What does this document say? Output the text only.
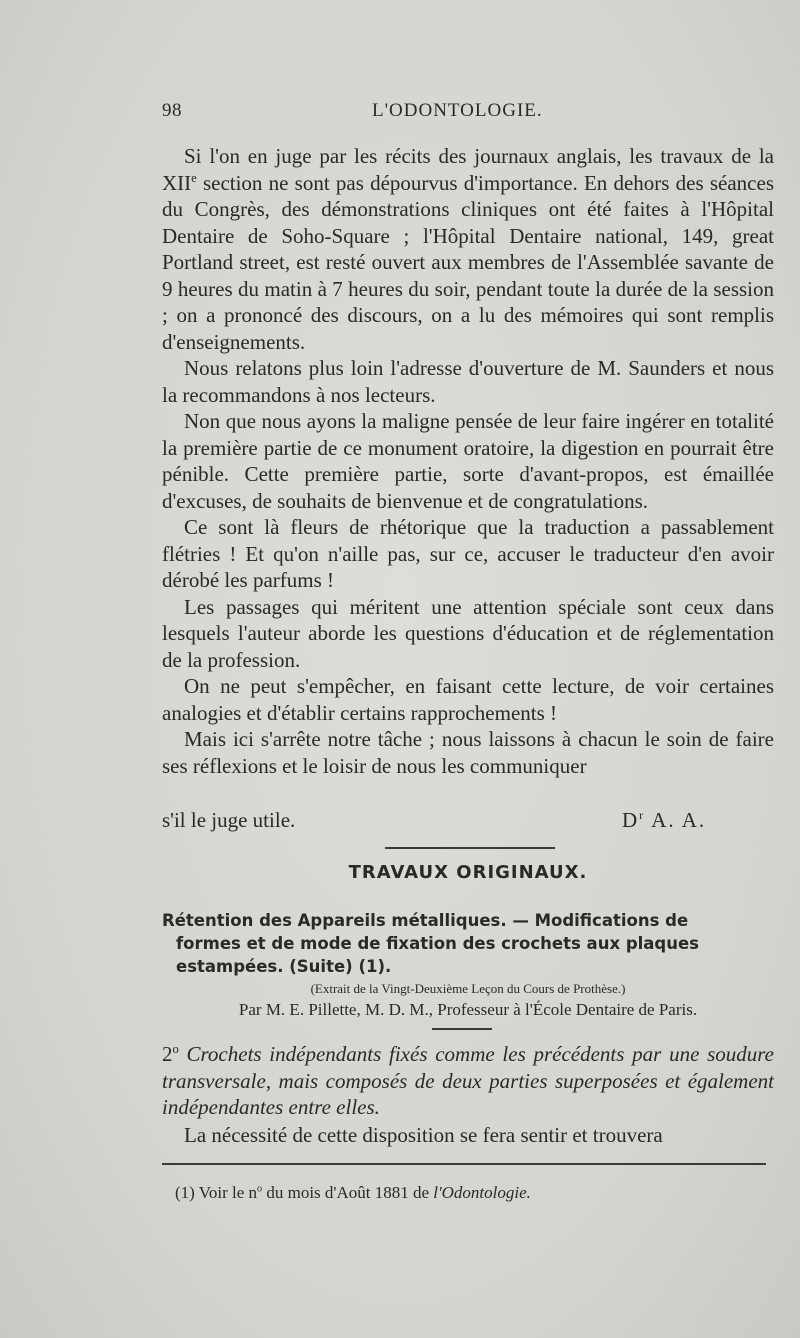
98	L'ODONTOLOGIE.

Si l'on en juge par les récits des journaux anglais, les travaux de la XIIe section ne sont pas dépourvus d'importance. En dehors des séances du Congrès, des démonstrations cliniques ont été faites à l'Hôpital Dentaire de Soho-Square ; l'Hôpital Dentaire national, 149, great Portland street, est resté ouvert aux membres de l'Assemblée savante de 9 heures du matin à 7 heures du soir, pendant toute la durée de la session ; on a prononcé des discours, on a lu des mémoires qui sont remplis d'enseignements.

Nous relatons plus loin l'adresse d'ouverture de M. Saunders et nous la recommandons à nos lecteurs.

Non que nous ayons la maligne pensée de leur faire ingérer en totalité la première partie de ce monument oratoire, la digestion en pourrait être pénible. Cette première partie, sorte d'avant-propos, est émaillée d'excuses, de souhaits de bienvenue et de congratulations.

Ce sont là fleurs de rhétorique que la traduction a passablement flétries ! Et qu'on n'aille pas, sur ce, accuser le traducteur d'en avoir dérobé les parfums !

Les passages qui méritent une attention spéciale sont ceux dans lesquels l'auteur aborde les questions d'éducation et de réglementation de la profession.

On ne peut s'empêcher, en faisant cette lecture, de voir certaines analogies et d'établir certains rapprochements !

Mais ici s'arrête notre tâche ; nous laissons à chacun le soin de faire ses réflexions et le loisir de nous les communiquer

s'il le juge utile.	$D^r$ A. A.
TRAVAUX ORIGINAUX.
Rétention des Appareils métalliques. — Modifications de
formes et de mode de fixation des crochets aux plaques
estampées. (Suite) (1).
(Extrait de la Vingt-Deuxième Leçon du Cours de Prothèse.)
Par M. E. Pillette, M. D. M., Professeur à l'École Dentaire de Paris.
2$^o$ Crochets indépendants fixés comme les précédents par une soudure transversale, mais composés de deux parties superposées et également indépendantes entre elles.
La nécessité de cette disposition se fera sentir et trouvera
(1) Voir le $n^o$ du mois d'Août 1881 de l'Odontologie.
